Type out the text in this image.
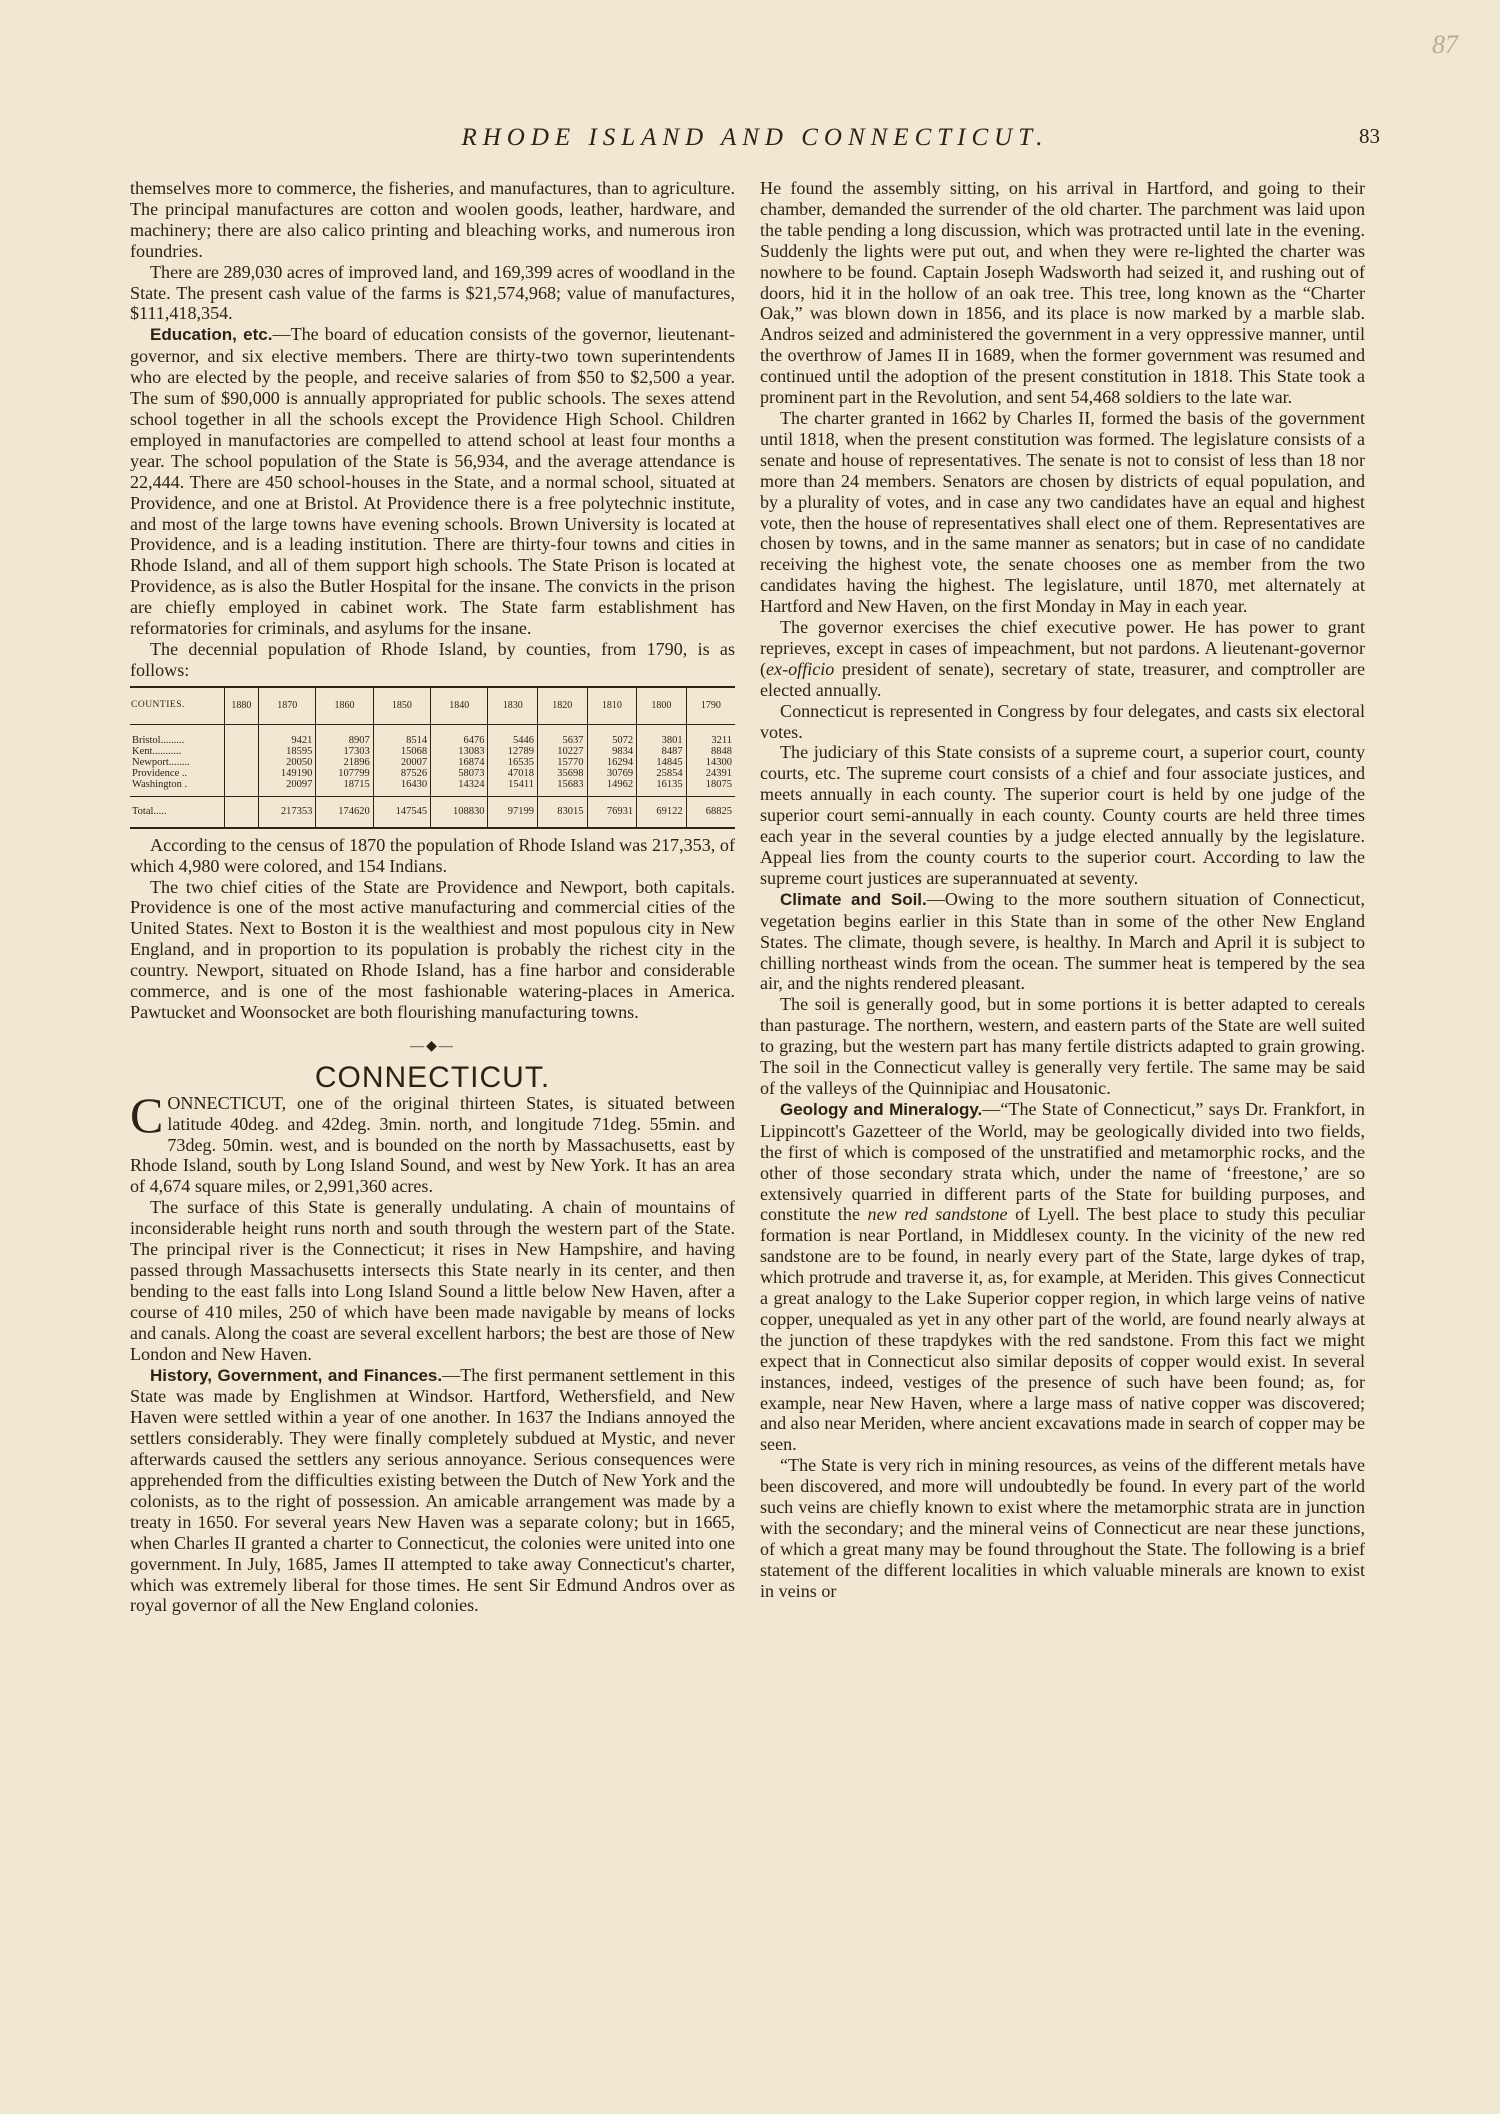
87
RHODE ISLAND AND CONNECTICUT.	83

themselves more to commerce, the fisheries, and manufactures, than to agriculture. The principal manufactures are cotton and woolen goods, leather, hardware, and machinery; there are also calico printing and bleaching works, and numerous iron foundries.

There are 289,030 acres of improved land, and 169,399 acres of woodland in the State. The present cash value of the farms is $21,574,968; value of manufactures, $111,418,354.

Education, etc.—The board of education consists of the governor, lieutenant-governor, and six elective members. There are thirty-two town superintendents who are elected by the people, and receive salaries of from $50 to $2,500 a year. The sum of $90,000 is annually appropriated for public schools. The sexes attend school together in all the schools except the Providence High School. Children employed in manufactories are compelled to attend school at least four months a year. The school population of the State is 56,934, and the average attendance is 22,444. There are 450 school-houses in the State, and a normal school, situated at Providence, and one at Bristol. At Providence there is a free polytechnic institute, and most of the large towns have evening schools. Brown University is located at Providence, and is a leading institution. There are thirty-four towns and cities in Rhode Island, and all of them support high schools. The State Prison is located at Providence, as is also the Butler Hospital for the insane. The convicts in the prison are chiefly employed in cabinet work. The State farm establishment has reformatories for criminals, and asylums for the insane.

The decennial population of Rhode Island, by counties, from 1790, is as follows:

COUNTIES.	1880	1870	1860	1850	1840	1830	1820	1810	1800	1790

Bristol.........		9421	8907	8514	6476	5446	5637	5072	3801	3211
Kent...........		18595	17303	15068	13083	12789	10227	9834	8487	8848
Newport........		20050	21896	20007	16874	16535	15770	16294	14845	14300
Providence ..		149190	107799	87526	58073	47018	35698	30769	25854	24391
Washington .		20097	18715	16430	14324	15411	15683	14962	16135	18075

Total.....		217353	174620	147545	108830	97199	83015	76931	69122	68825

According to the census of 1870 the population of Rhode Island was 217,353, of which 4,980 were colored, and 154 Indians.

The two chief cities of the State are Providence and Newport, both capitals. Providence is one of the most active manufacturing and commercial cities of the United States. Next to Boston it is the wealthiest and most populous city in New England, and in proportion to its population is probably the richest city in the country. Newport, situated on Rhode Island, has a fine harbor and considerable commerce, and is one of the most fashionable watering-places in America. Pawtucket and Woonsocket are both flourishing manufacturing towns.

—◆—
CONNECTICUT.

CONNECTICUT, one of the original thirteen States, is situated between latitude 40deg. and 42deg. 3min. north, and longitude 71deg. 55min. and 73deg. 50min. west, and is bounded on the north by Massachusetts, east by Rhode Island, south by Long Island Sound, and west by New York. It has an area of 4,674 square miles, or 2,991,360 acres.

The surface of this State is generally undulating. A chain of mountains of inconsiderable height runs north and south through the western part of the State. The principal river is the Connecticut; it rises in New Hampshire, and having passed through Massachusetts intersects this State nearly in its center, and then bending to the east falls into Long Island Sound a little below New Haven, after a course of 410 miles, 250 of which have been made navigable by means of locks and canals. Along the coast are several excellent harbors; the best are those of New London and New Haven.

History, Government, and Finances.—The first permanent settlement in this State was made by Englishmen at Windsor. Hartford, Wethersfield, and New Haven were settled within a year of one another. In 1637 the Indians annoyed the settlers considerably. They were finally completely subdued at Mystic, and never afterwards caused the settlers any serious annoyance. Serious consequences were apprehended from the difficulties existing between the Dutch of New York and the colonists, as to the right of possession. An amicable arrangement was made by a treaty in 1650. For several years New Haven was a separate colony; but in 1665, when Charles II granted a charter to Connecticut, the colonies were united into one government. In July, 1685, James II attempted to take away Connecticut's charter, which was extremely liberal for those times. He sent Sir Edmund Andros over as royal governor of all the New England colonies.

He found the assembly sitting, on his arrival in Hartford, and going to their chamber, demanded the surrender of the old charter. The parchment was laid upon the table pending a long discussion, which was protracted until late in the evening. Suddenly the lights were put out, and when they were re-lighted the charter was nowhere to be found. Captain Joseph Wadsworth had seized it, and rushing out of doors, hid it in the hollow of an oak tree. This tree, long known as the “Charter Oak,” was blown down in 1856, and its place is now marked by a marble slab. Andros seized and administered the government in a very oppressive manner, until the overthrow of James II in 1689, when the former government was resumed and continued until the adoption of the present constitution in 1818. This State took a prominent part in the Revolution, and sent 54,468 soldiers to the late war.

The charter granted in 1662 by Charles II, formed the basis of the government until 1818, when the present constitution was formed. The legislature consists of a senate and house of representatives. The senate is not to consist of less than 18 nor more than 24 members. Senators are chosen by districts of equal population, and by a plurality of votes, and in case any two candidates have an equal and highest vote, then the house of representatives shall elect one of them. Representatives are chosen by towns, and in the same manner as senators; but in case of no candidate receiving the highest vote, the senate chooses one as member from the two candidates having the highest. The legislature, until 1870, met alternately at Hartford and New Haven, on the first Monday in May in each year.

The governor exercises the chief executive power. He has power to grant reprieves, except in cases of impeachment, but not pardons. A lieutenant-governor (ex-officio president of senate), secretary of state, treasurer, and comptroller are elected annually.

Connecticut is represented in Congress by four delegates, and casts six electoral votes.

The judiciary of this State consists of a supreme court, a superior court, county courts, etc. The supreme court consists of a chief and four associate justices, and meets annually in each county. The superior court is held by one judge of the superior court semi-annually in each county. County courts are held three times each year in the several counties by a judge elected annually by the legislature. Appeal lies from the county courts to the superior court. According to law the supreme court justices are superannuated at seventy.

Climate and Soil.—Owing to the more southern situation of Connecticut, vegetation begins earlier in this State than in some of the other New England States. The climate, though severe, is healthy. In March and April it is subject to chilling northeast winds from the ocean. The summer heat is tempered by the sea air, and the nights rendered pleasant.

The soil is generally good, but in some portions it is better adapted to cereals than pasturage. The northern, western, and eastern parts of the State are well suited to grazing, but the western part has many fertile districts adapted to grain growing. The soil in the Connecticut valley is generally very fertile. The same may be said of the valleys of the Quinnipiac and Housatonic.

Geology and Mineralogy.—“The State of Connecticut,” says Dr. Frankfort, in Lippincott's Gazetteer of the World, may be geologically divided into two fields, the first of which is composed of the unstratified and metamorphic rocks, and the other of those secondary strata which, under the name of ‘freestone,’ are so extensively quarried in different parts of the State for building purposes, and constitute the new red sandstone of Lyell. The best place to study this peculiar formation is near Portland, in Middlesex county. In the vicinity of the new red sandstone are to be found, in nearly every part of the State, large dykes of trap, which protrude and traverse it, as, for example, at Meriden. This gives Connecticut a great analogy to the Lake Superior copper region, in which large veins of native copper, unequaled as yet in any other part of the world, are found nearly always at the junction of these trapdykes with the red sandstone. From this fact we might expect that in Connecticut also similar deposits of copper would exist. In several instances, indeed, vestiges of the presence of such have been found; as, for example, near New Haven, where a large mass of native copper was discovered; and also near Meriden, where ancient excavations made in search of copper may be seen.

“The State is very rich in mining resources, as veins of the different metals have been discovered, and more will undoubtedly be found. In every part of the world such veins are chiefly known to exist where the metamorphic strata are in junction with the secondary; and the mineral veins of Connecticut are near these junctions, of which a great many may be found throughout the State. The following is a brief statement of the different localities in which valuable minerals are known to exist in veins or
